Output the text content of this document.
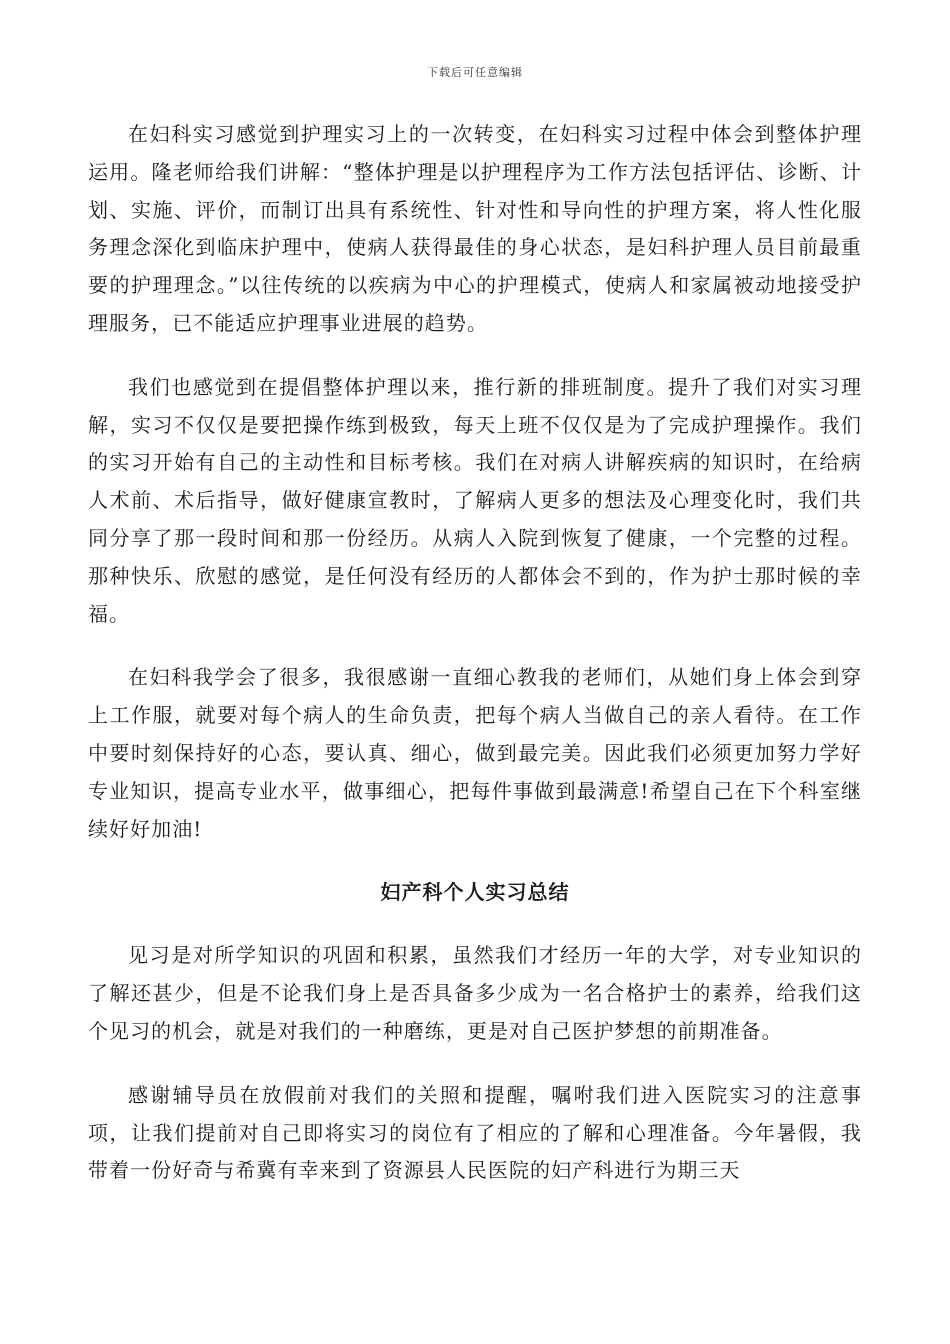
下载后可任意编辑

在妇科实习感觉到护理实习上的一次转变，在妇科实习过程中体会到整体护理运用。隆老师给我们讲解：“整体护理是以护理程序为工作方法包括评估、诊断、计划、实施、评价，而制订出具有系统性、针对性和导向性的护理方案，将人性化服务理念深化到临床护理中，使病人获得最佳的身心状态，是妇科护理人员目前最重要的护理理念。”以往传统的以疾病为中心的护理模式，使病人和家属被动地接受护理服务，已不能适应护理事业进展的趋势。

我们也感觉到在提倡整体护理以来，推行新的排班制度。提升了我们对实习理解，实习不仅仅是要把操作练到极致，每天上班不仅仅是为了完成护理操作。我们的实习开始有自己的主动性和目标考核。我们在对病人讲解疾病的知识时，在给病人术前、术后指导，做好健康宣教时，了解病人更多的想法及心理变化时，我们共同分享了那一段时间和那一份经历。从病人入院到恢复了健康，一个完整的过程。那种快乐、欣慰的感觉，是任何没有经历的人都体会不到的，作为护士那时候的幸福。

在妇科我学会了很多，我很感谢一直细心教我的老师们，从她们身上体会到穿上工作服，就要对每个病人的生命负责，把每个病人当做自己的亲人看待。在工作中要时刻保持好的心态，要认真、细心，做到最完美。因此我们必须更加努力学好专业知识，提高专业水平，做事细心，把每件事做到最满意!希望自己在下个科室继续好好加油!

妇产科个人实习总结

见习是对所学知识的巩固和积累，虽然我们才经历一年的大学，对专业知识的了解还甚少，但是不论我们身上是否具备多少成为一名合格护士的素养，给我们这个见习的机会，就是对我们的一种磨练，更是对自己医护梦想的前期准备。

感谢辅导员在放假前对我们的关照和提醒，嘱咐我们进入医院实习的注意事项，让我们提前对自己即将实习的岗位有了相应的了解和心理准备。今年暑假，我带着一份好奇与希冀有幸来到了资源县人民医院的妇产科进行为期三天
